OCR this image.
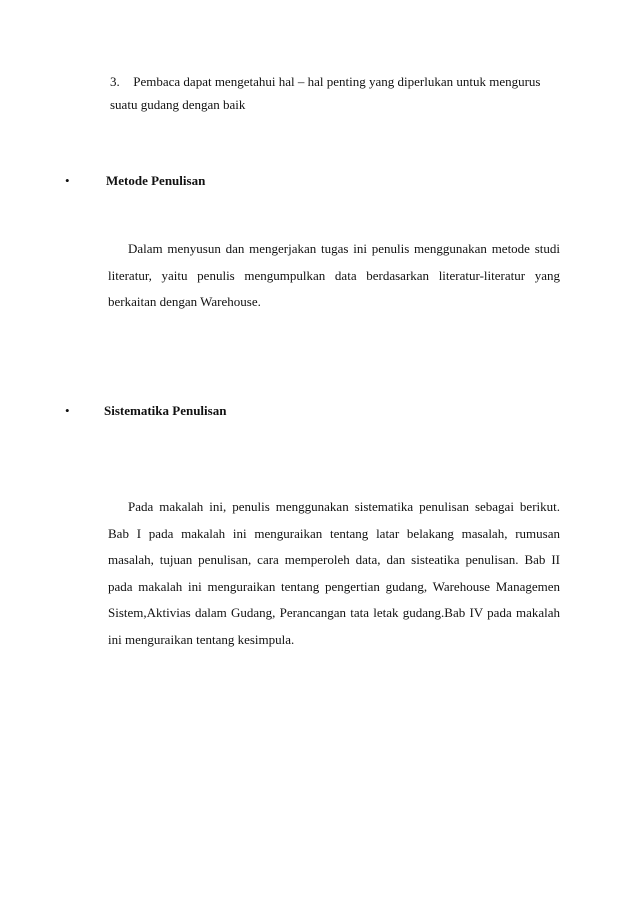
3. Pembaca dapat mengetahui hal – hal penting yang diperlukan untuk mengurus
suatu gudang dengan baik
•	Metode Penulisan
Dalam menyusun dan mengerjakan tugas ini penulis menggunakan metode studi literatur, yaitu penulis mengumpulkan data berdasarkan literatur-literatur yang berkaitan dengan Warehouse.
•	Sistematika Penulisan
Pada makalah ini, penulis menggunakan sistematika penulisan sebagai berikut. Bab I pada makalah ini menguraikan tentang latar belakang masalah, rumusan masalah, tujuan penulisan, cara memperoleh data, dan sisteatika penulisan. Bab II pada makalah ini menguraikan tentang pengertian gudang, Warehouse Managemen Sistem,Aktivias dalam Gudang, Perancangan tata letak gudang.Bab IV pada makalah ini menguraikan tentang kesimpula.
